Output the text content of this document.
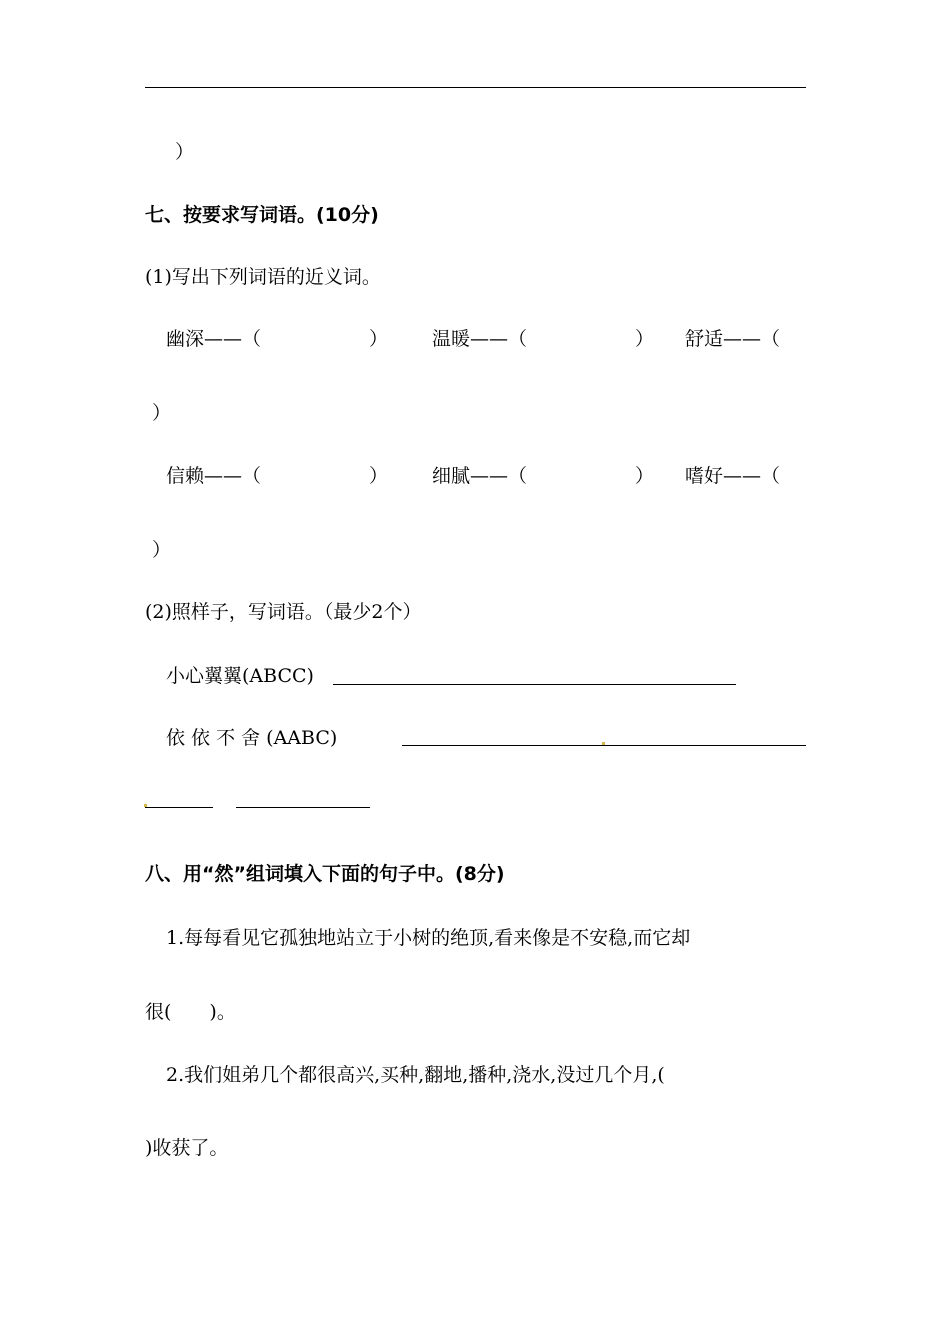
）
七、按要求写词语。(10分)
(1)写出下列词语的近义词。
幽深——（	） 温暖——（	） 舒适——（
）
信赖——（	） 细腻——（	） 嗜好——（
）
(2)照样子，写词语。（最少2个）
小心翼翼(ABCC)
依 依 不 舍 (AABC)
八、用“然”组词填入下面的句子中。(8分)
1.每每看见它孤独地站立于小树的绝顶,看来像是不安稳,而它却
很(　　)。
2.我们姐弟几个都很高兴,买种,翻地,播种,浇水,没过几个月,(
)收获了。
